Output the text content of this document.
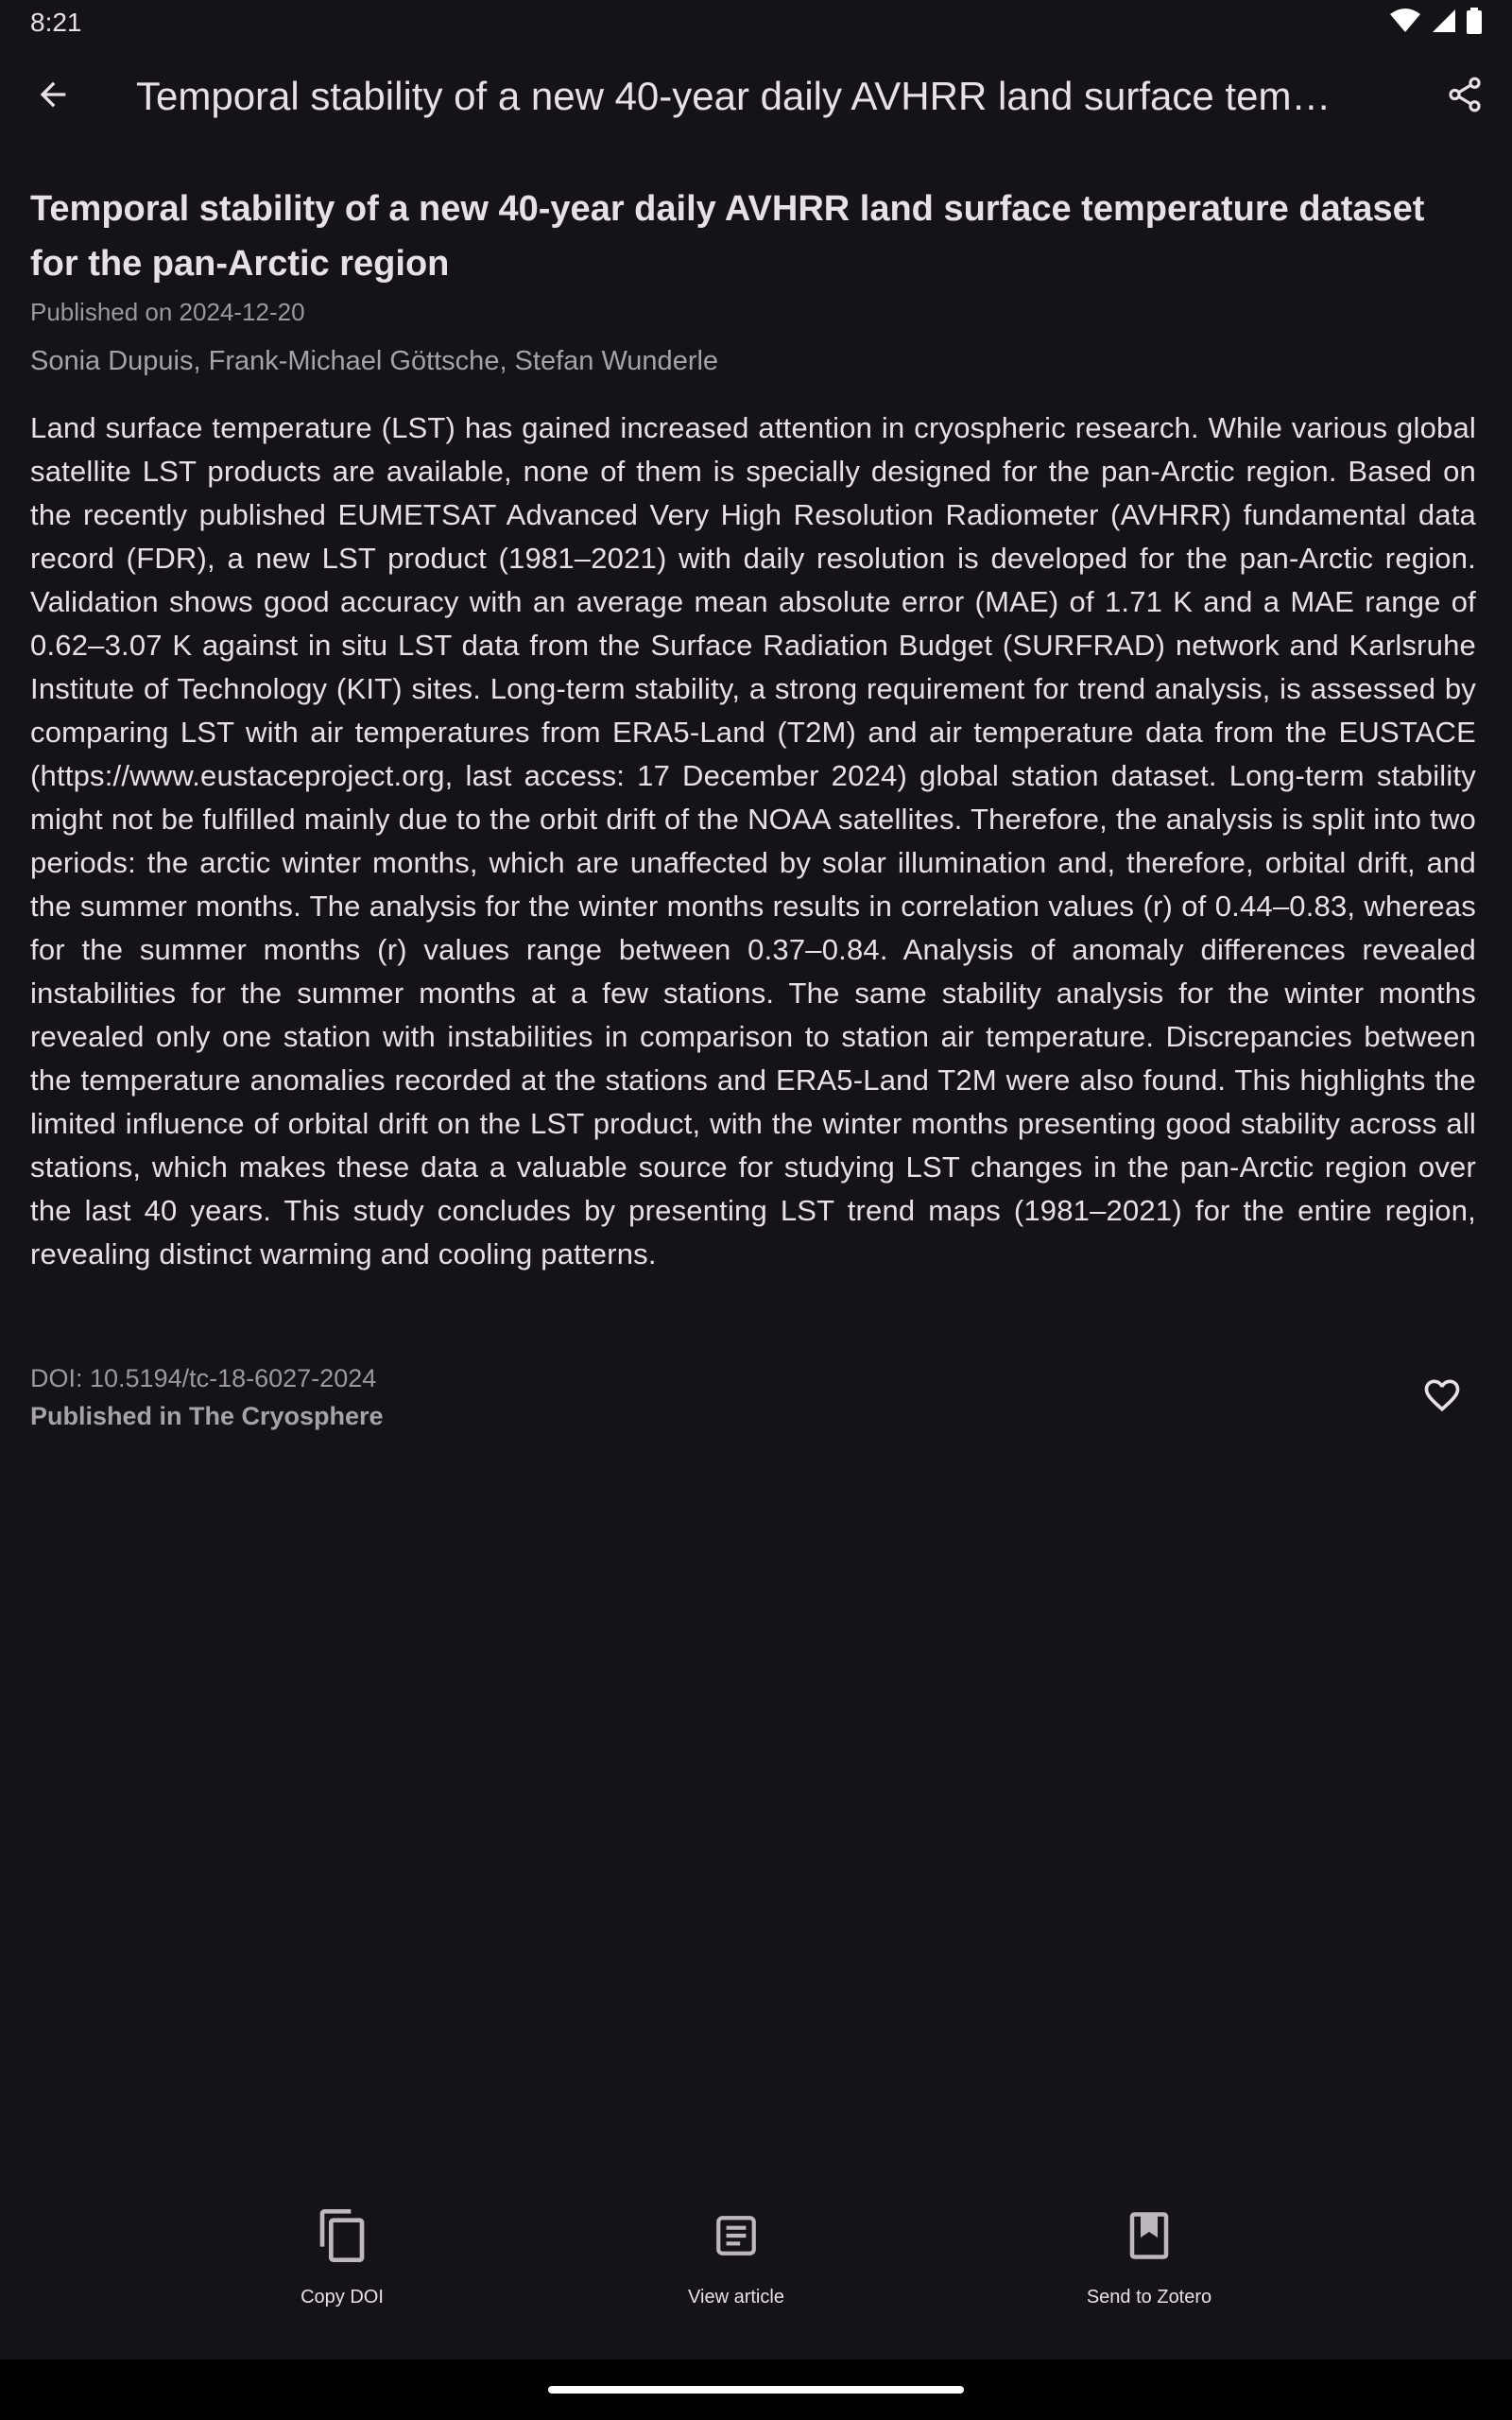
8:21
Temporal stability of a new 40-year daily AVHRR land surface tem…
Temporal stability of a new 40-year daily AVHRR land surface temperature dataset for the pan-Arctic region
Published on 2024-12-20
Sonia Dupuis, Frank-Michael Göttsche, Stefan Wunderle

Land surface temperature (LST) has gained increased attention in cryospheric research. While various global satellite LST products are available, none of them is specially designed for the pan-Arctic region. Based on the recently published EUMETSAT Advanced Very High Resolution Radiometer (AVHRR) fundamental data record (FDR), a new LST product (1981–2021) with daily resolution is developed for the pan-Arctic region. Validation shows good accuracy with an average mean absolute error (MAE) of 1.71 K and a MAE range of 0.62–3.07 K against in situ LST data from the Surface Radiation Budget (SURFRAD) network and Karlsruhe Institute of Technology (KIT) sites. Long-term stability, a strong requirement for trend analysis, is assessed by comparing LST with air temperatures from ERA5-Land (T2M) and air temperature data from the EUSTACE (https://www.eustaceproject.org, last access: 17 December 2024) global station dataset. Long-term stability might not be fulfilled mainly due to the orbit drift of the NOAA satellites. Therefore, the analysis is split into two periods: the arctic winter months, which are unaffected by solar illumination and, therefore, orbital drift, and the summer months. The analysis for the winter months results in correlation values (r) of 0.44–0.83, whereas for the summer months (r) values range between 0.37–0.84. Analysis of anomaly differences revealed instabilities for the summer months at a few stations. The same stability analysis for the winter months revealed only one station with instabilities in comparison to station air temperature. Discrepancies between the temperature anomalies recorded at the stations and ERA5-Land T2M were also found. This highlights the limited influence of orbital drift on the LST product, with the winter months presenting good stability across all stations, which makes these data a valuable source for studying LST changes in the pan-Arctic region over the last 40 years. This study concludes by presenting LST trend maps (1981–2021) for the entire region, revealing distinct warming and cooling patterns.

DOI: 10.5194/tc-18-6027-2024
Published in The Cryosphere
Copy DOI	View article	Send to Zotero
